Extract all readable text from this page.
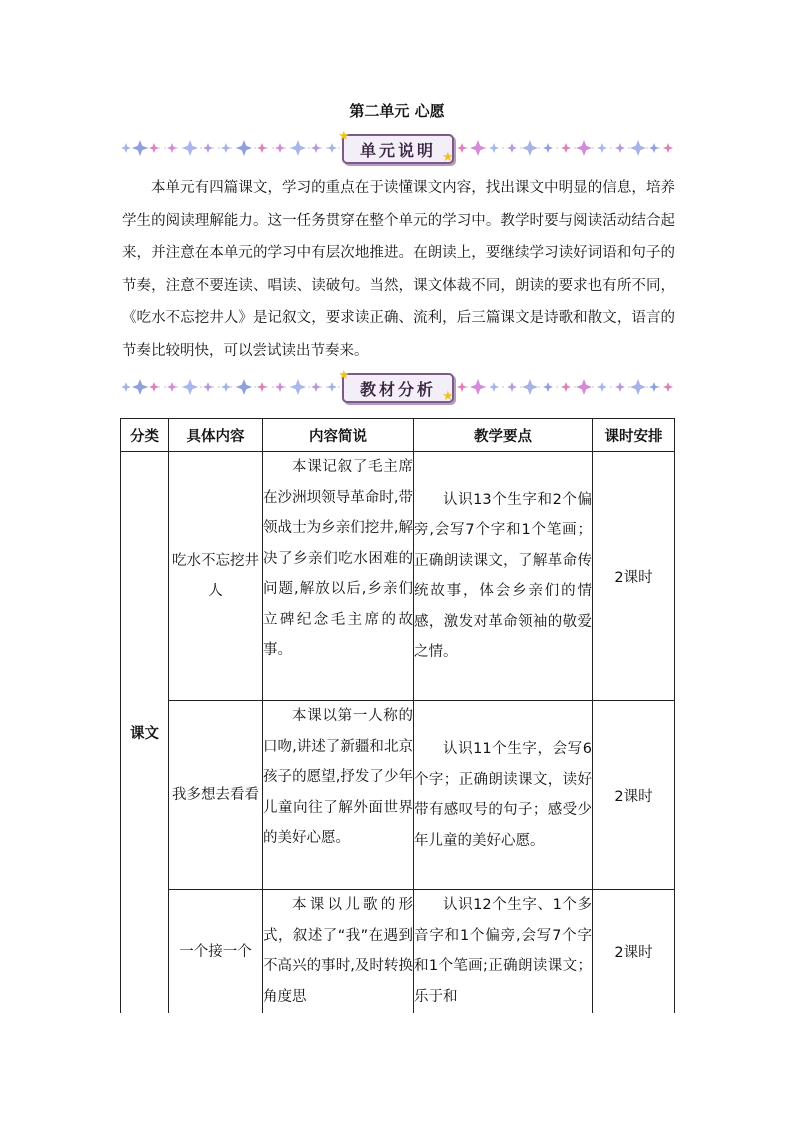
第二单元 心愿
单元说明
★
★

本单元有四篇课文，学习的重点在于读懂课文内容，找出课文中明显的信息，培养学生的阅读理解能力。这一任务贯穿在整个单元的学习中。教学时要与阅读活动结合起来，并注意在本单元的学习中有层次地推进。在朗读上，要继续学习读好词语和句子的节奏，注意不要连读、唱读、读破句。当然，课文体裁不同，朗读的要求也有所不同，《吃水不忘挖井人》是记叙文，要求读正确、流利，后三篇课文是诗歌和散文，语言的节奏比较明快，可以尝试读出节奏来。

教材分析
★
★
分类	具体内容	内容简说	教学要点	课时安排
课文	吃水不忘挖井人	本课记叙了毛主席在沙洲坝领导革命时,带领战士为乡亲们挖井,解决了乡亲们吃水困难的问题,解放以后,乡亲们立碑纪念毛主席的故事。	认识13个生字和2个偏旁,会写7个字和1个笔画；正确朗读课文，了解革命传统故事，体会乡亲们的情感，激发对革命领袖的敬爱之情。	2课时
	我多想去看看	本课以第一人称的口吻,讲述了新疆和北京孩子的愿望,抒发了少年儿童向往了解外面世界的美好心愿。	认识11个生字，会写6个字；正确朗读课文，读好带有感叹号的句子；感受少年儿童的美好心愿。	2课时
	一个接一个	本课以儿歌的形式，叙述了“我”在遇到不高兴的事时,及时转换角度思	认识12个生字、1个多音字和1个偏旁,会写7个字和1个笔画;正确朗读课文；乐于和	2课时
